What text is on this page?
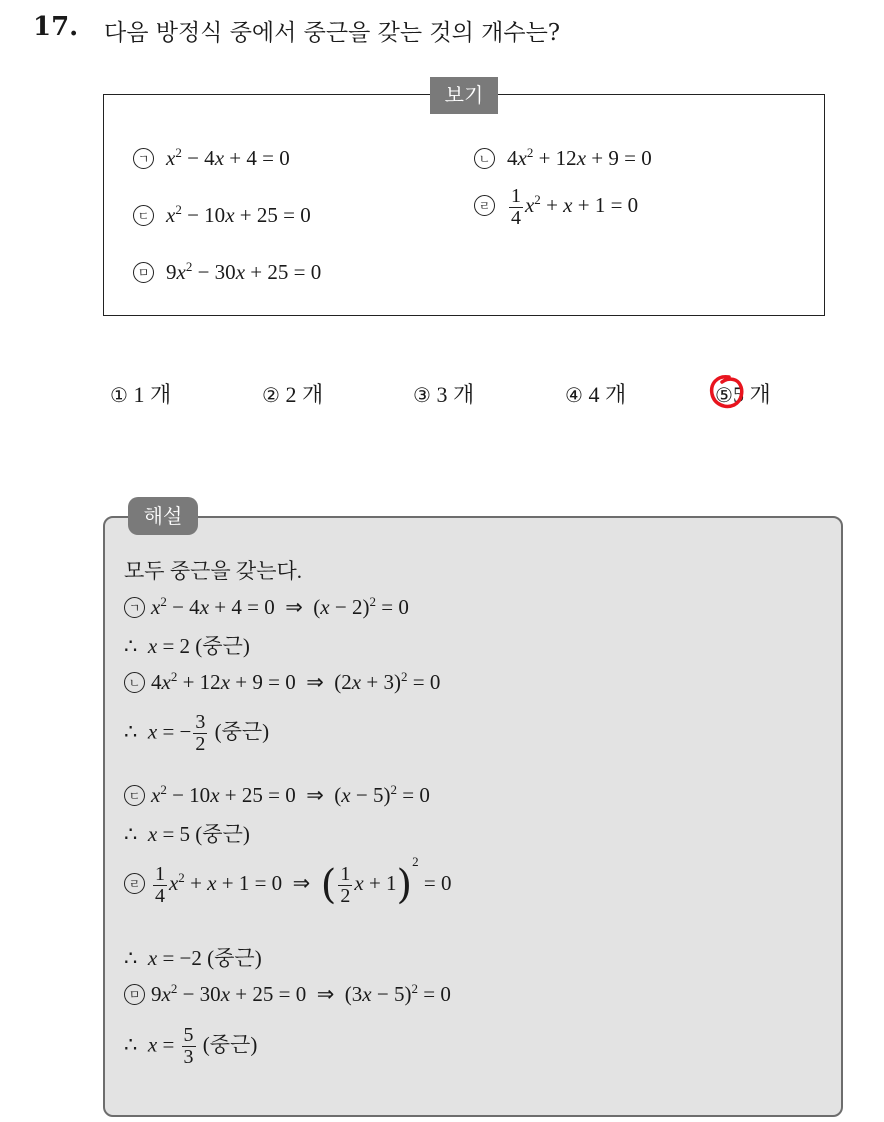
17. 다음 방정식 중에서 중근을 갖는 것의 개수는?
보기
ㄱ $x^2 - 4x + 4 = 0$	ㄴ $4x^2 + 12x + 9 = 0$
ㄷ $x^2 - 10x + 25 = 0$	ㄹ $\frac{1}{4} x^2 + x + 1 = 0$
ㅁ $9x^2 - 30x + 25 = 0$
① 1 개	② 2 개	③ 3 개	④ 4 개	⑤5 개
해설
모두 중근을 갖는다.
ㄱ $x^2 - 4x + 4 = 0$  ⇒  $(x - 2)^2 = 0$
∴  x = 2 (중근)
ㄴ $4x^2 + 12x + 9 = 0$  ⇒  $(2x + 3)^2 = 0$
∴  x = − $\frac{3}{2}$ (중근)
ㄷ $x^2 - 10x + 25 = 0$  ⇒  $(x - 5)^2 = 0$
∴  x = 5 (중근)
ㄹ $\frac{1}{4} x^2 + x + 1 = 0$  ⇒  ( $\frac{1}{2}$ x + 1)$^2$ = 0
∴  x = −2 (중근)
ㅁ $9x^2 - 30x + 25 = 0$  ⇒  $(3x - 5)^2 = 0$
∴  $x = \frac{5}{3}$ (중근)
